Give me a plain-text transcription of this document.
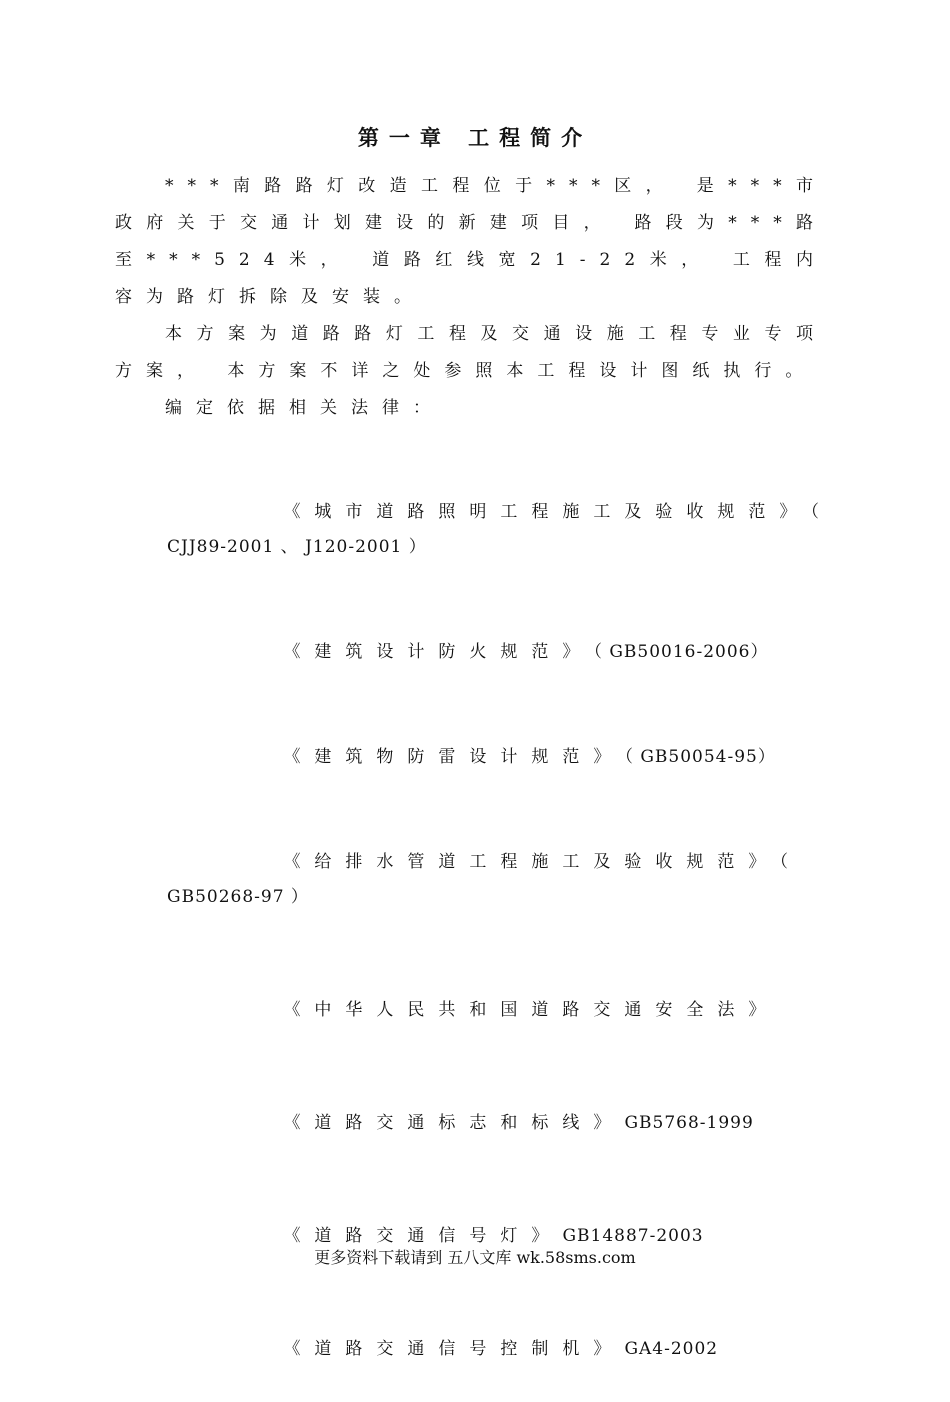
第一章 工程简介

***南路路灯改造工程位于***区， 是***市政府关于交通计划建设的新建项目， 路段为***路至***524米， 道路红线宽21-22米， 工程内容为路灯拆除及安装。

本方案为道路路灯工程及交通设施工程专业专项方案， 本方案不详之处参照本工程设计图纸执行。

编定依据相关法律：

《城市道路照明工程施工及验收规范》（ CJJ89-2001 、 J120-2001 ）

《建筑设计防火规范》（ GB50016-2006）

《建筑物防雷设计规范》（ GB50054-95）

《给排水管道工程施工及验收规范》（ GB50268-97 ）

《中华人民共和国道路交通安全法》

《道路交通标志和标线》GB5768-1999

《道路交通信号灯》GB14887-2003

《道路交通信号控制机》GA4-2002

更多资料下载请到 五八文库 wk.58sms.com
